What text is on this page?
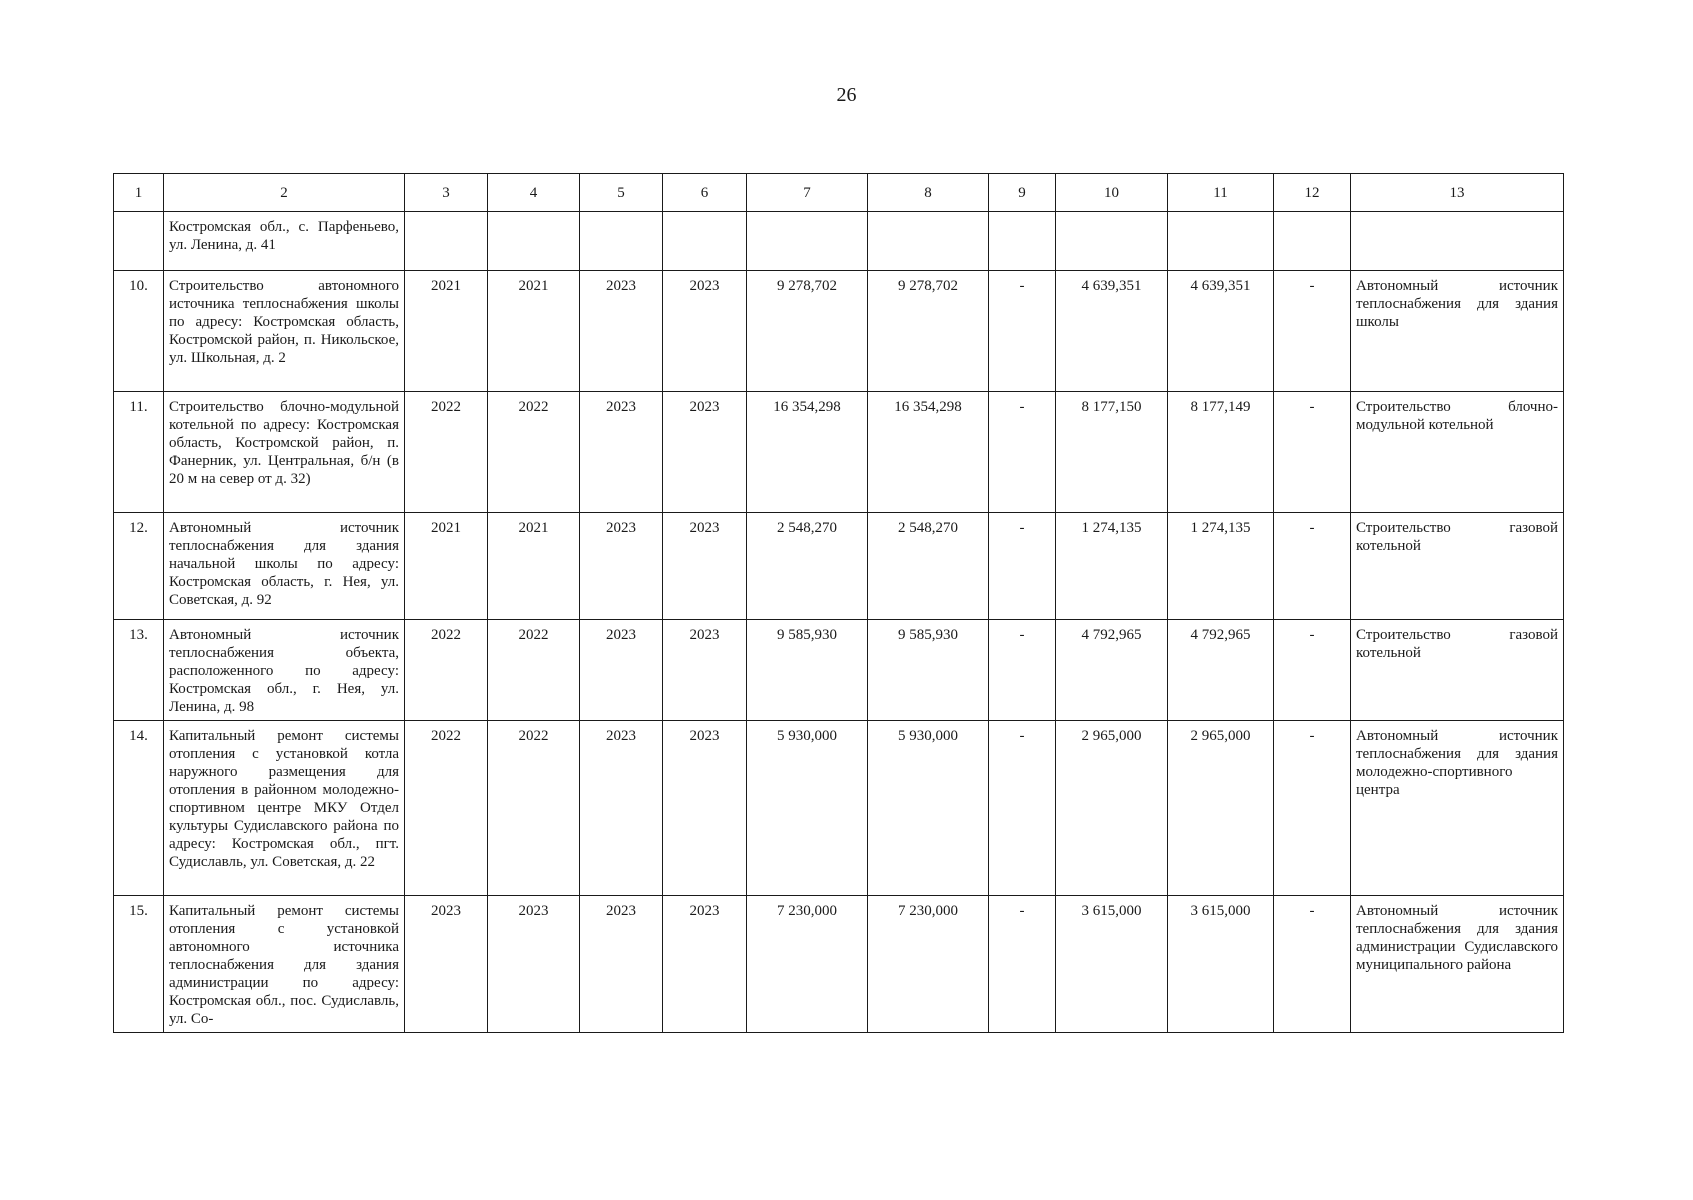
26
1	2	3	4	5	6	7	8	9	10	11	12	13
	Костромская обл., с. Парфеньево, ул. Ленина, д. 41											
10.	Строительство автономного источника теплоснабжения школы по адресу: Костромская область, Костромской район, п. Никольское, ул. Школьная, д. 2	2021	2021	2023	2023	9 278,702	9 278,702	-	4 639,351	4 639,351	-	Автономный источник теплоснабжения для здания школы
11.	Строительство блочно-модульной котельной по адресу: Костромская область, Костромской район, п. Фанерник, ул. Центральная, б/н (в 20 м на север от д. 32)	2022	2022	2023	2023	16 354,298	16 354,298	-	8 177,150	8 177,149	-	Строительство блочно-модульной котельной
12.	Автономный источник теплоснабжения для здания начальной школы по адресу: Костромская область, г. Нея, ул. Советская, д. 92	2021	2021	2023	2023	2 548,270	2 548,270	-	1 274,135	1 274,135	-	Строительство газовой котельной
13.	Автономный источник теплоснабжения объекта, расположенного по адресу: Костромская обл., г. Нея, ул. Ленина, д. 98	2022	2022	2023	2023	9 585,930	9 585,930	-	4 792,965	4 792,965	-	Строительство газовой котельной
14.	Капитальный ремонт системы отопления с установкой котла наружного размещения для отопления в районном молодежно-спортивном центре МКУ Отдел культуры Судиславского района по адресу: Костромская обл., пгт. Судиславль, ул. Советская, д. 22	2022	2022	2023	2023	5 930,000	5 930,000	-	2 965,000	2 965,000	-	Автономный источник теплоснабжения для здания молодежно-спортивного центра
15.	Капитальный ремонт системы отопления с установкой автономного источника теплоснабжения для здания администрации по адресу: Костромская обл., пос. Судиславль, ул. Со-	2023	2023	2023	2023	7 230,000	7 230,000	-	3 615,000	3 615,000	-	Автономный источник теплоснабжения для здания администрации Судиславского муниципального района
